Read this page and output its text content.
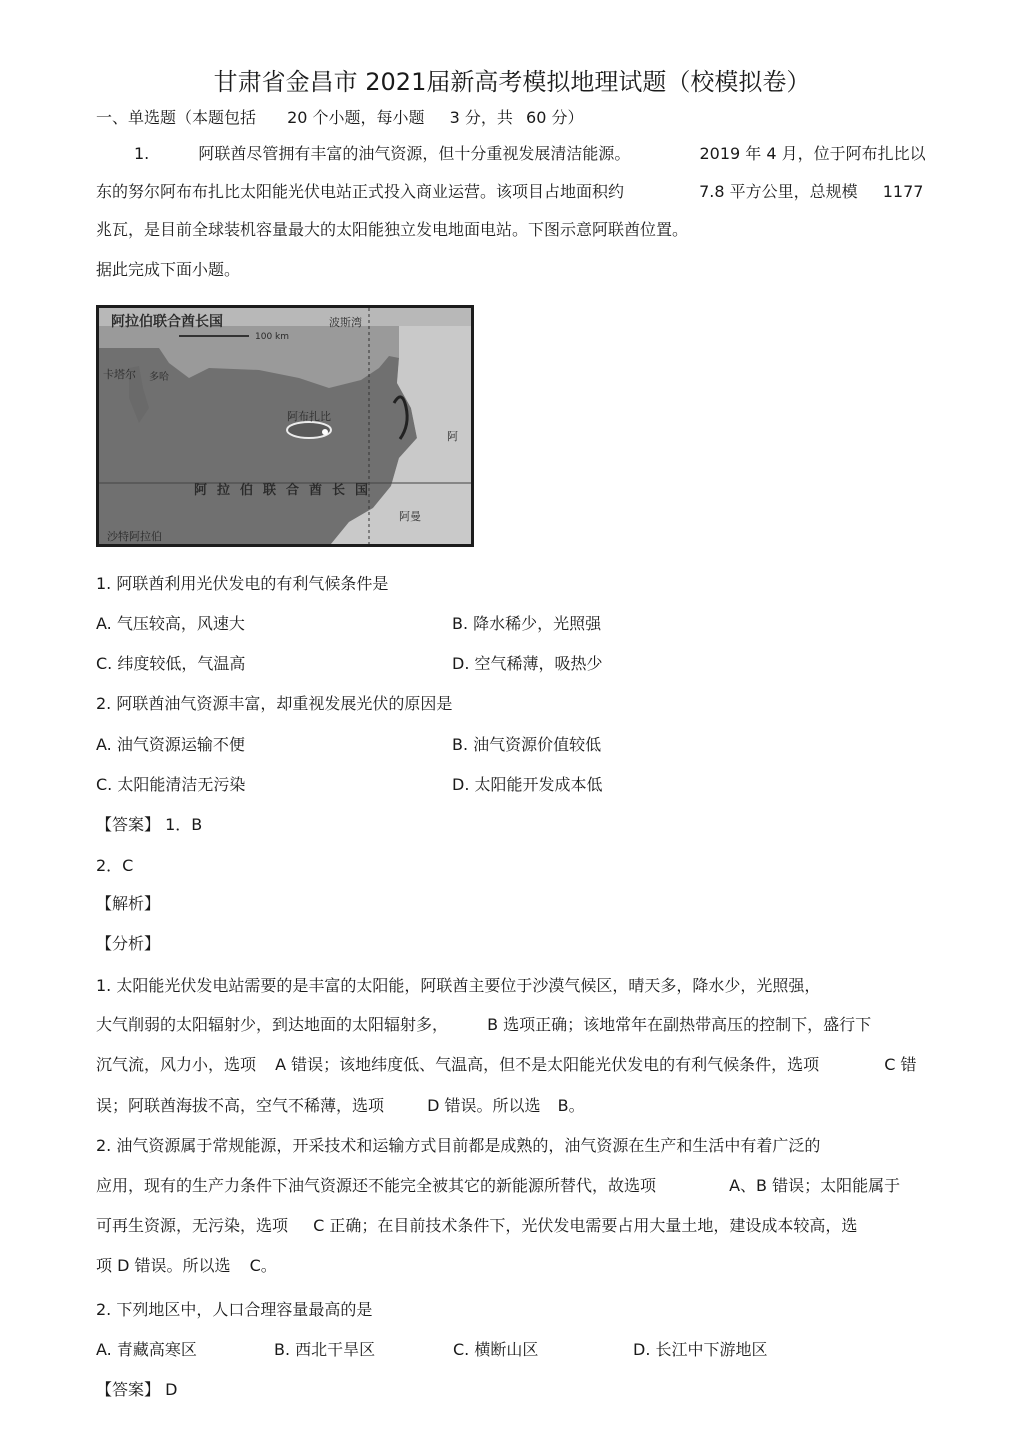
甘肃省金昌市 2021届新高考模拟地理试题（校模拟卷）
一、单选题（本题包括 20 个小题，每小题 3 分，共 60 分）
1.	阿联酋尽管拥有丰富的油气资源，但十分重视发展清洁能源。	2019 年 4 月，位于阿布扎比以
东的努尔阿布布扎比太阳能光伏电站正式投入商业运营。该项目占地面积约	7.8 平方公里，总规模 1177
兆瓦，是目前全球装机容量最大的太阳能独立发电地面电站。下图示意阿联酋位置。
据此完成下面小题。
阿拉伯联合酋长国
100 km
波斯湾
阿布扎比
阿拉伯联合酋长国
沙特阿拉伯
阿曼
卡塔尔 多哈
阿
1. 阿联酋利用光伏发电的有利气候条件是
A. 气压较高，风速大	B. 降水稀少，光照强
C. 纬度较低，气温高	D. 空气稀薄，吸热少
2. 阿联酋油气资源丰富，却重视发展光伏的原因是
A. 油气资源运输不便	B. 油气资源价值较低
C. 太阳能清洁无污染	D. 太阳能开发成本低
【答案】 1．B
2．C
【解析】
【分析】
1. 太阳能光伏发电站需要的是丰富的太阳能，阿联酋主要位于沙漠气候区，晴天多，降水少，光照强，
大气削弱的太阳辐射少，到达地面的太阳辐射多， B 选项正确；该地常年在副热带高压的控制下，盛行下
沉气流，风力小，选项 A 错误；该地纬度低、气温高，但不是太阳能光伏发电的有利气候条件，选项	C 错
误；阿联酋海拔不高，空气不稀薄，选项	D 错误。所以选 B。
2. 油气资源属于常规能源，开采技术和运输方式目前都是成熟的，油气资源在生产和生活中有着广泛的
应用，现有的生产力条件下油气资源还不能完全被其它的新能源所替代，故选项	A、B 错误；太阳能属于
可再生资源，无污染，选项 C 正确；在目前技术条件下，光伏发电需要占用大量土地，建设成本较高，选
项 D 错误。所以选 C。
2. 下列地区中，人口合理容量最高的是
A. 青藏高寒区	B. 西北干旱区	C. 横断山区	D. 长江中下游地区
【答案】 D
